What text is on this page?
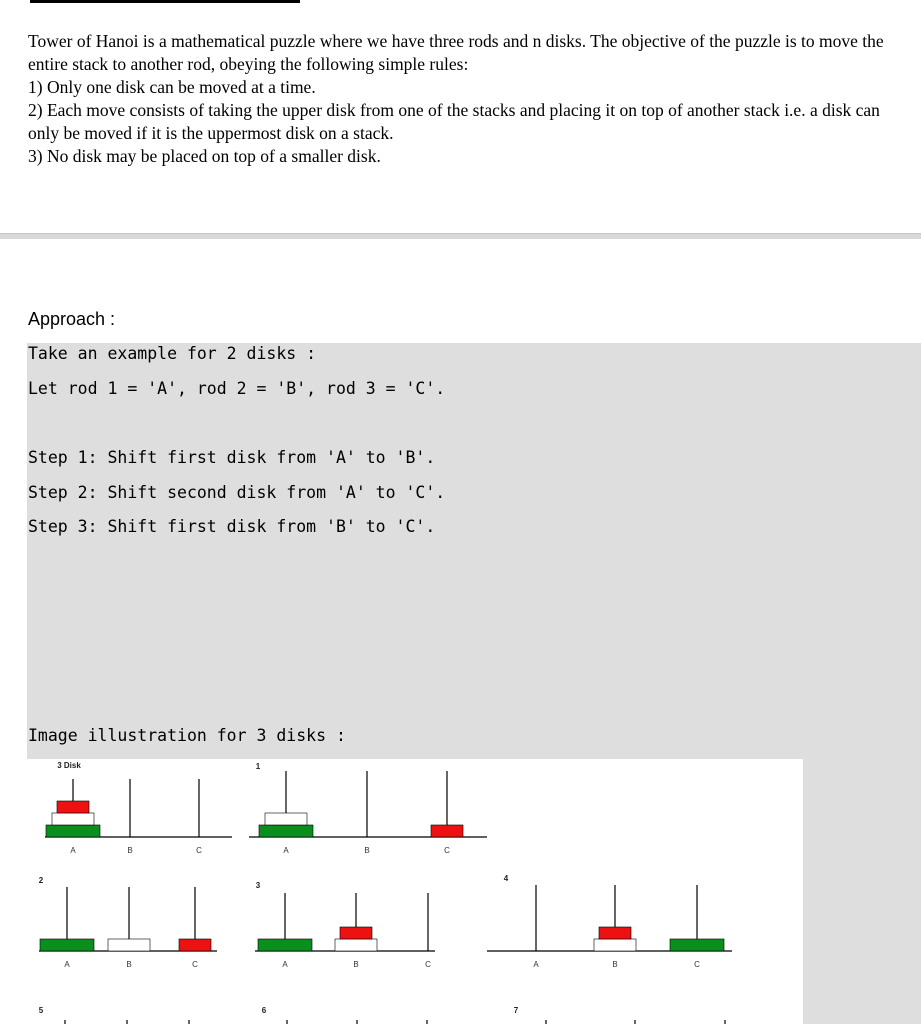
Tower of Hanoi is a mathematical puzzle where we have three rods and n disks. The objective of the puzzle is to move the entire stack to another rod, obeying the following simple rules:

1) Only one disk can be moved at a time.

2) Each move consists of taking the upper disk from one of the stacks and placing it on top of another stack i.e. a disk can only be moved if it is the uppermost disk on a stack.

3) No disk may be placed on top of a smaller disk.

Approach :
Take an example for 2 disks :
Let rod 1 = 'A', rod 2 = 'B', rod 3 = 'C'.
Step 1: Shift first disk from 'A' to 'B'.
Step 2: Shift second disk from 'A' to 'C'.
Step 3: Shift first disk from 'B' to 'C'.
Image illustration for 3 disks :
A	B	C
3 Disk
A	B	C
1
A	B	C
2
A	B	C
3
A	B	C
4
5	6	7
